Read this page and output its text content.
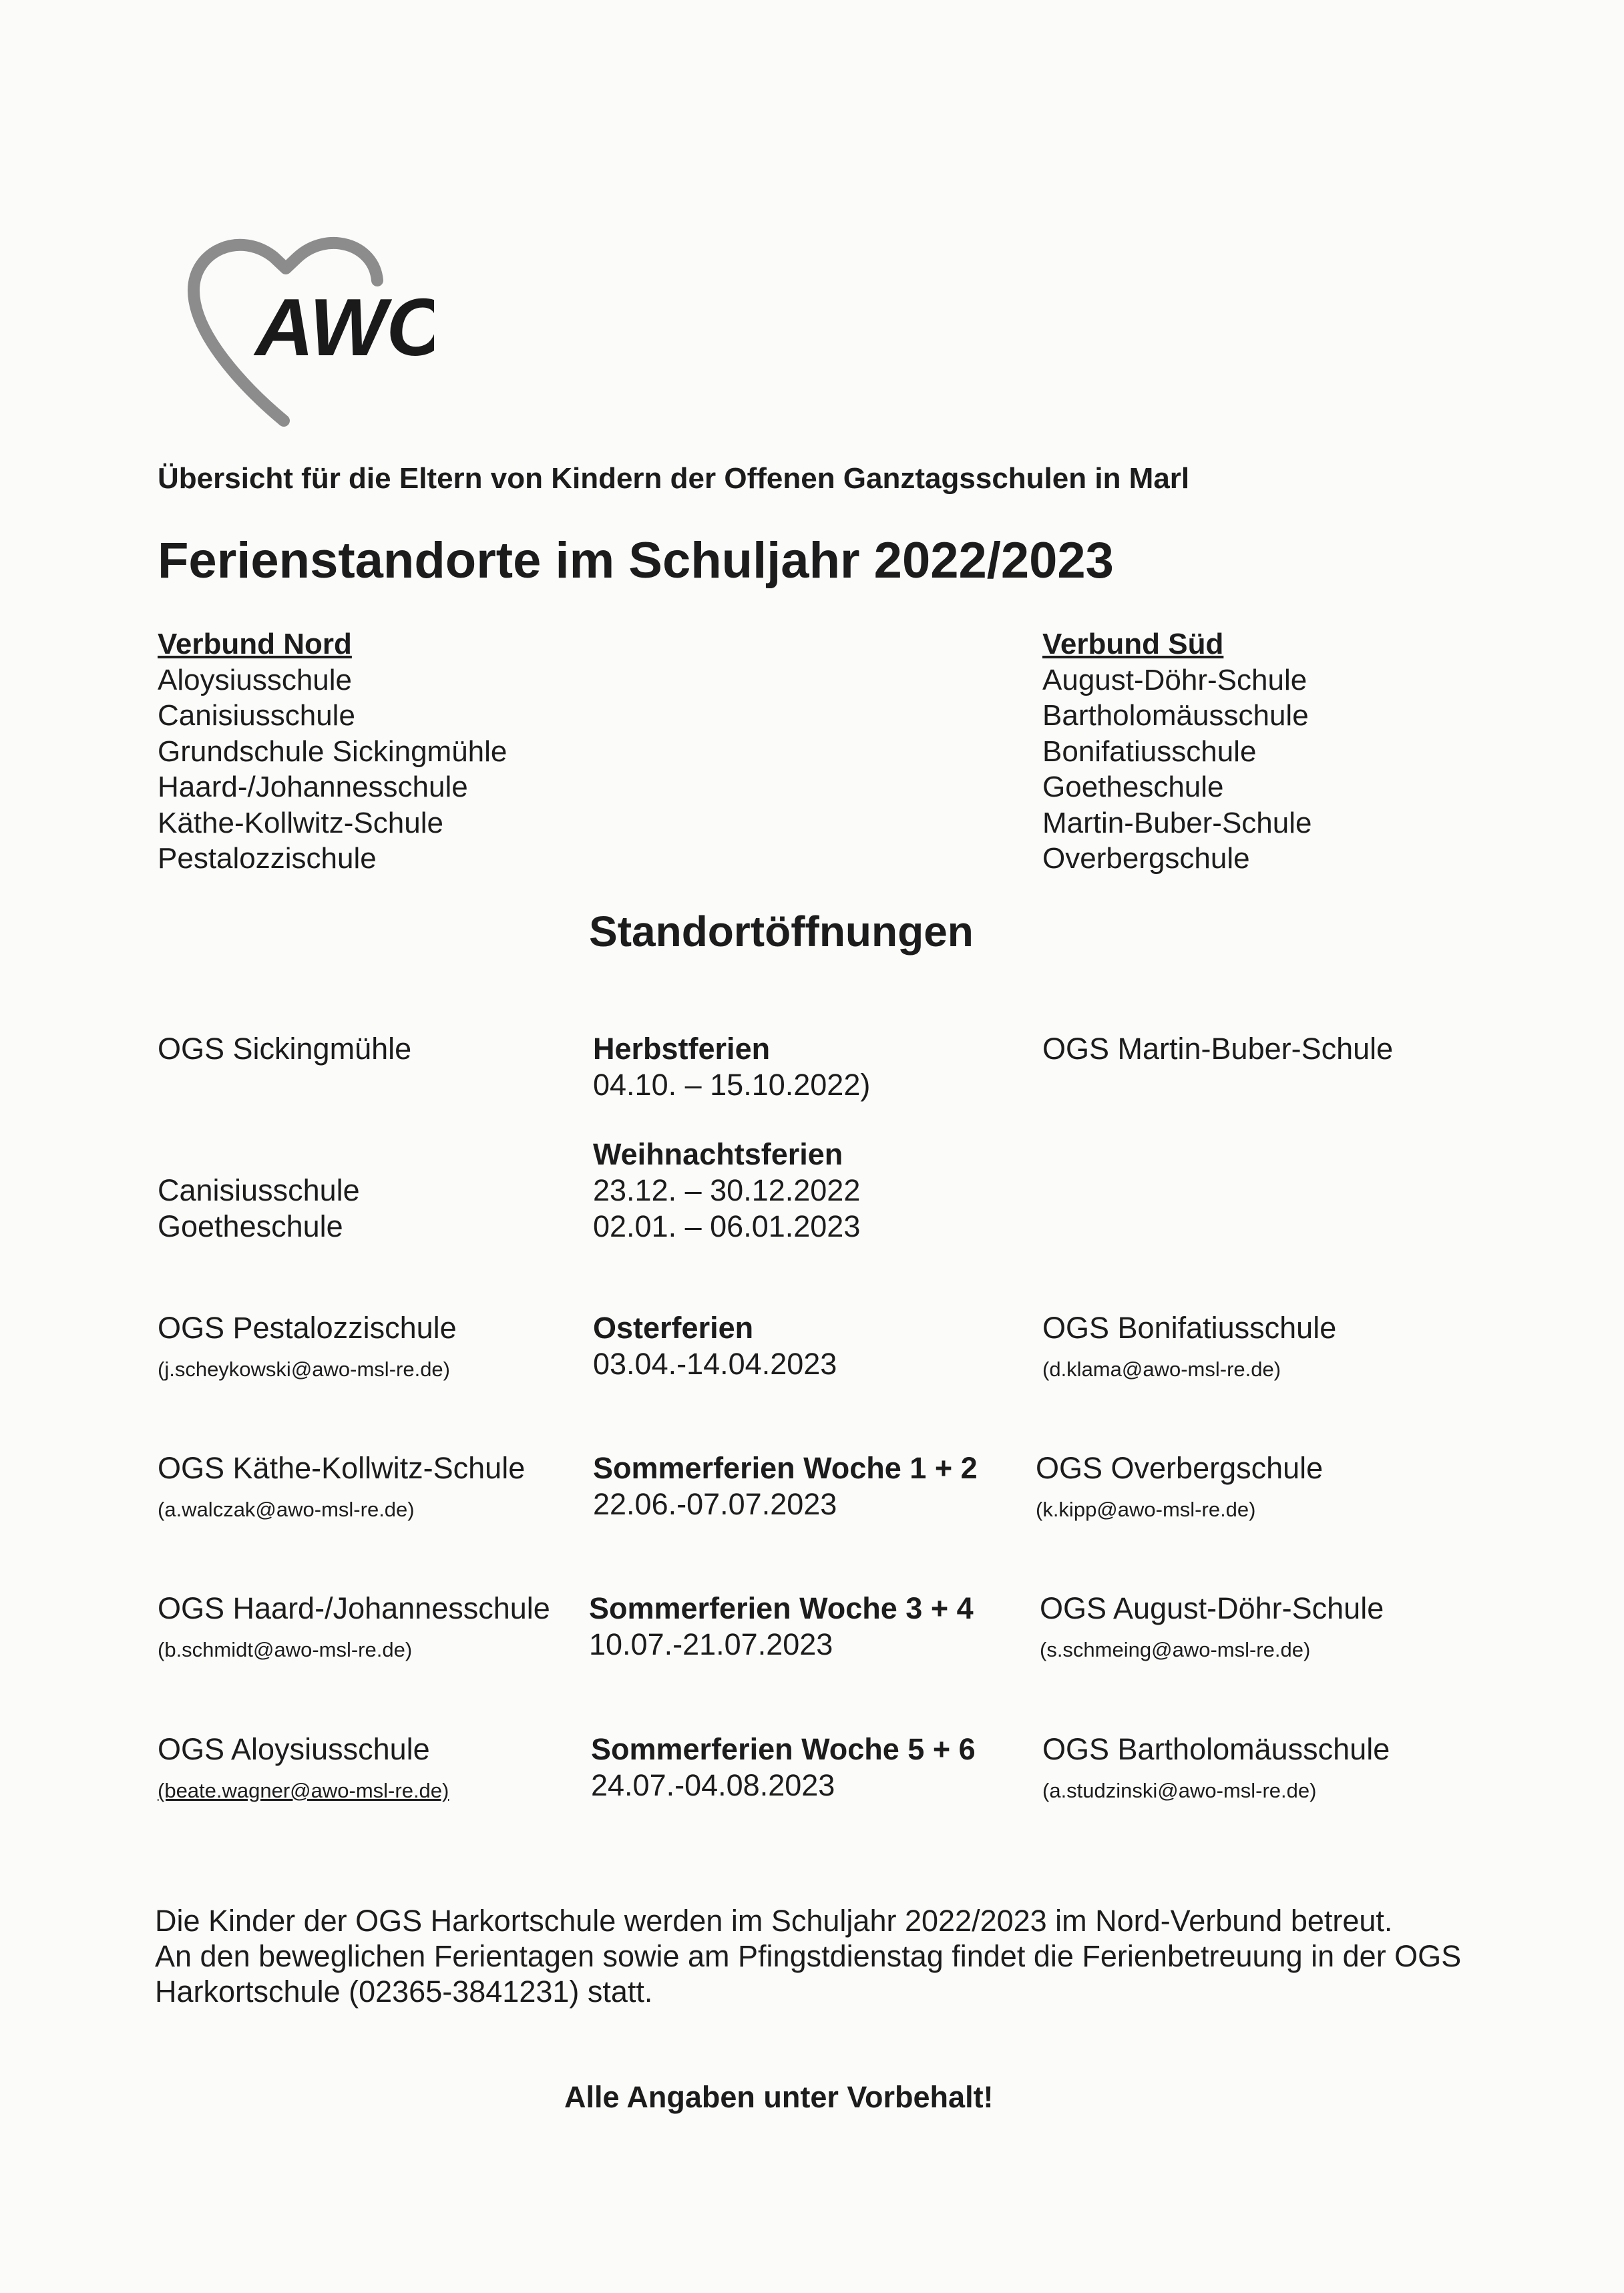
AWO
Übersicht für die Eltern von Kindern der Offenen Ganztagsschulen in Marl
Ferienstandorte im Schuljahr 2022/2023
Verbund Nord
Aloysiusschule
Canisiusschule
Grundschule Sickingmühle
Haard-/Johannesschule
Käthe-Kollwitz-Schule
Pestalozzischule
Verbund Süd
August-Döhr-Schule
Bartholomäusschule
Bonifatiusschule
Goetheschule
Martin-Buber-Schule
Overbergschule
Standortöffnungen
OGS Sickingmühle	Herbstferien
04.10. – 15.10.2022)
OGS Martin-Buber-Schule
Weihnachtsferien
23.12. – 30.12.2022
02.01. – 06.01.2023
Canisiusschule
Goetheschule
OGS Pestalozzischule
(j.scheykowski@awo-msl-re.de)
Osterferien
03.04.-14.04.2023
OGS Bonifatiusschule
(d.klama@awo-msl-re.de)
OGS Käthe-Kollwitz-Schule
(a.walczak@awo-msl-re.de)
Sommerferien Woche 1 + 2
22.06.-07.07.2023
OGS Overbergschule
(k.kipp@awo-msl-re.de)
OGS Haard-/Johannesschule
(b.schmidt@awo-msl-re.de)
Sommerferien Woche 3 + 4
10.07.-21.07.2023
OGS August-Döhr-Schule
(s.schmeing@awo-msl-re.de)
OGS Aloysiusschule
(beate.wagner@awo-msl-re.de)
Sommerferien Woche 5 + 6
24.07.-04.08.2023
OGS Bartholomäusschule
(a.studzinski@awo-msl-re.de)

Die Kinder der OGS Harkortschule werden im Schuljahr 2022/2023 im Nord-Verbund betreut.

An den beweglichen Ferientagen sowie am Pfingstdienstag findet die Ferienbetreuung in der OGS Harkortschule (02365-3841231) statt.

Alle Angaben unter Vorbehalt!
